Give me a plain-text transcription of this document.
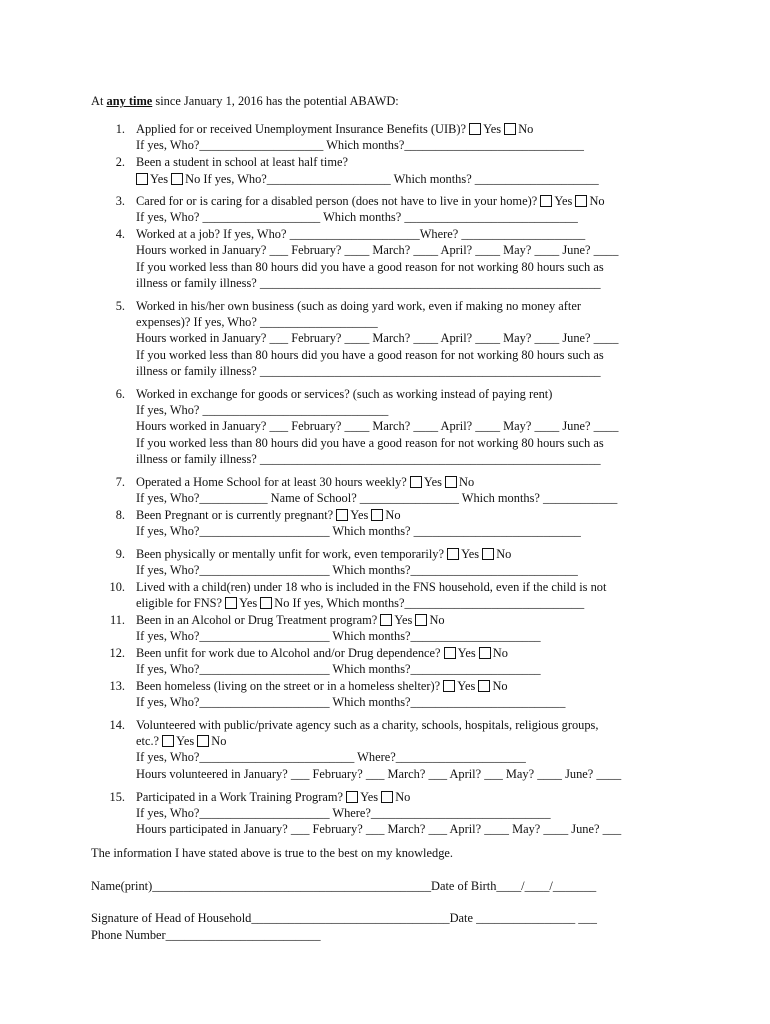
At any time since January 1, 2016 has the potential ABAWD:
1. Applied for or received Unemployment Insurance Benefits (UIB)? Yes No
If yes, Who?____________________ Which months?_____________________________
2. Been a student in school at least half time?
Yes No If yes, Who?____________________ Which months? ____________________
3. Cared for or is caring for a disabled person (does not have to live in your home)? Yes No
If yes, Who? ___________________ Which months? ____________________________
4. Worked at a job? If yes, Who? _____________________Where? ____________________
Hours worked in January? ___ February? ____ March? ____ April? ____ May? ____ June? ____
If you worked less than 80 hours did you have a good reason for not working 80 hours such as
illness or family illness? _______________________________________________________
5. Worked in his/her own business (such as doing yard work, even if making no money after
expenses)? If yes, Who? ___________________
Hours worked in January? ___ February? ____ March? ____ April? ____ May? ____ June? ____
If you worked less than 80 hours did you have a good reason for not working 80 hours such as
illness or family illness? _______________________________________________________
6. Worked in exchange for goods or services? (such as working instead of paying rent)
If yes, Who? ______________________________
Hours worked in January? ___ February? ____ March? ____ April? ____ May? ____ June? ____
If you worked less than 80 hours did you have a good reason for not working 80 hours such as
illness or family illness? _______________________________________________________
7. Operated a Home School for at least 30 hours weekly? Yes No
If yes, Who?___________ Name of School? ________________ Which months? ____________
8. Been Pregnant or is currently pregnant? Yes No
If yes, Who?_____________________ Which months? ___________________________
9. Been physically or mentally unfit for work, even temporarily? Yes No
If yes, Who?_____________________ Which months?___________________________
10. Lived with a child(ren) under 18 who is included in the FNS household, even if the child is not
eligible for FNS? Yes No If yes, Which months?_____________________________
11. Been in an Alcohol or Drug Treatment program? Yes No
If yes, Who?_____________________ Which months?_____________________
12. Been unfit for work due to Alcohol and/or Drug dependence? Yes No
If yes, Who?_____________________ Which months?_____________________
13. Been homeless (living on the street or in a homeless shelter)? Yes No
If yes, Who?_____________________ Which months?_________________________
14. Volunteered with public/private agency such as a charity, schools, hospitals, religious groups,
etc.? Yes No
If yes, Who?_________________________ Where?_____________________
Hours volunteered in January? ___ February? ___ March? ___ April? ___ May? ____ June? ____
15. Participated in a Work Training Program? Yes No
If yes, Who?_____________________ Where?_____________________________
Hours participated in January? ___ February? ___ March? ___ April? ____ May? ____ June? ___
The information I have stated above is true to the best on my knowledge.
Name(print)_____________________________________________Date of Birth____/____/_______
Signature of Head of Household________________________________Date ________________ ___
Phone Number_________________________
